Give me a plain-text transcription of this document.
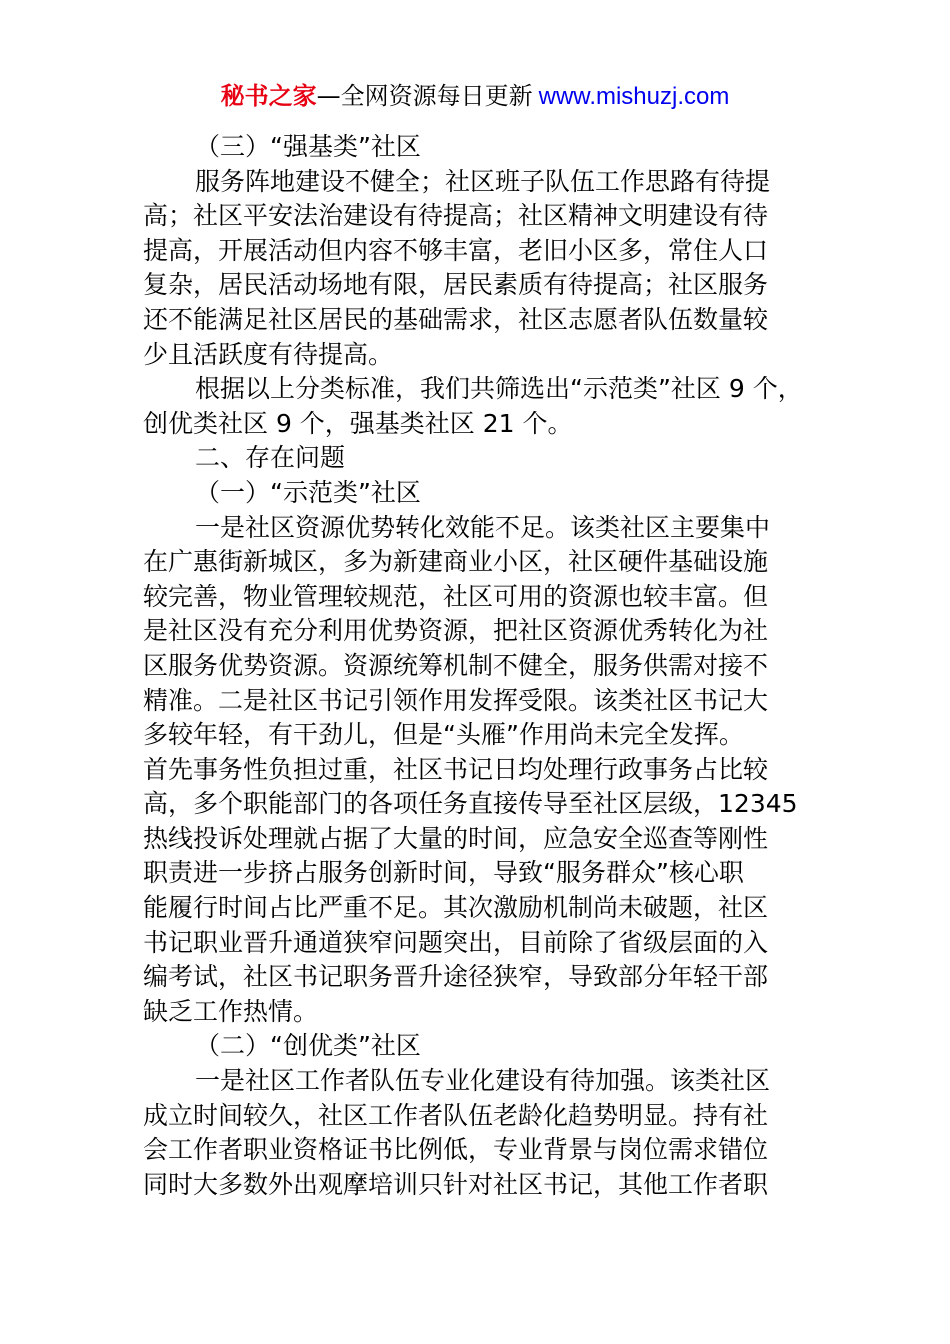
秘书之家—全网资源每日更新 www.mishuzj.com
（三）“强基类”社区
服务阵地建设不健全；社区班子队伍工作思路有待提
高；社区平安法治建设有待提高；社区精神文明建设有待
提高，开展活动但内容不够丰富，老旧小区多，常住人口
复杂，居民活动场地有限，居民素质有待提高；社区服务
还不能满足社区居民的基础需求，社区志愿者队伍数量较
少且活跃度有待提高。
根据以上分类标准，我们共筛选出“示范类”社区 9 个，
创优类社区 9 个，强基类社区 21 个。
二、存在问题
（一）“示范类”社区
一是社区资源优势转化效能不足。该类社区主要集中
在广惠街新城区，多为新建商业小区，社区硬件基础设施
较完善，物业管理较规范，社区可用的资源也较丰富。但
是社区没有充分利用优势资源，把社区资源优秀转化为社
区服务优势资源。资源统筹机制不健全，服务供需对接不
精准。二是社区书记引领作用发挥受限。该类社区书记大
多较年轻，有干劲儿，但是“头雁”作用尚未完全发挥。
首先事务性负担过重，社区书记日均处理行政事务占比较
高，多个职能部门的各项任务直接传导至社区层级，12345
热线投诉处理就占据了大量的时间，应急安全巡查等刚性
职责进一步挤占服务创新时间，导致“服务群众”核心职
能履行时间占比严重不足。其次激励机制尚未破题，社区
书记职业晋升通道狭窄问题突出，目前除了省级层面的入
编考试，社区书记职务晋升途径狭窄，导致部分年轻干部
缺乏工作热情。
（二）“创优类”社区
一是社区工作者队伍专业化建设有待加强。该类社区
成立时间较久，社区工作者队伍老龄化趋势明显。持有社
会工作者职业资格证书比例低，专业背景与岗位需求错位
同时大多数外出观摩培训只针对社区书记，其他工作者职
